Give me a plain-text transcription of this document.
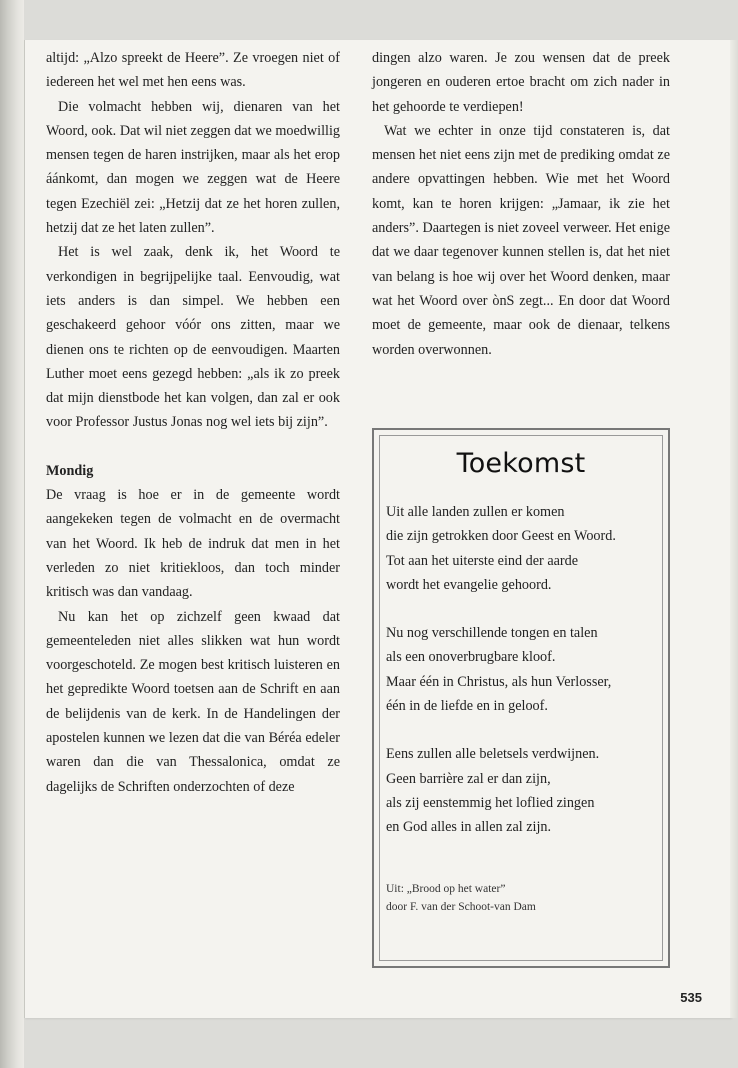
altijd: „Alzo spreekt de Heere”. Ze vroegen niet of iedereen het wel met hen eens was.

Die volmacht hebben wij, dienaren van het Woord, ook. Dat wil niet zeggen dat we moedwillig mensen tegen de haren instrijken, maar als het erop áánkomt, dan mogen we zeggen wat de Heere tegen Ezechiël zei: „Hetzij dat ze het horen zullen, hetzij dat ze het laten zullen”.

Het is wel zaak, denk ik, het Woord te verkondigen in begrijpelijke taal. Eenvoudig, wat iets anders is dan simpel. We hebben een geschakeerd gehoor vóór ons zitten, maar we dienen ons te richten op de eenvoudigen. Maarten Luther moet eens gezegd hebben: „als ik zo preek dat mijn dienstbode het kan volgen, dan zal er ook voor Professor Justus Jonas nog wel iets bij zijn”.

Mondig

De vraag is hoe er in de gemeente wordt aangekeken tegen de volmacht en de overmacht van het Woord. Ik heb de indruk dat men in het verleden zo niet kritiekloos, dan toch minder kritisch was dan vandaag.

Nu kan het op zichzelf geen kwaad dat gemeenteleden niet alles slikken wat hun wordt voorgeschoteld. Ze mogen best kritisch luisteren en het gepredikte Woord toetsen aan de Schrift en aan de belijdenis van de kerk. In de Handelingen der apostelen kunnen we lezen dat die van Béréa edeler waren dan die van Thessalonica, omdat ze dagelijks de Schriften onderzochten of deze

dingen alzo waren. Je zou wensen dat de preek jongeren en ouderen ertoe bracht om zich nader in het gehoorde te verdiepen!

Wat we echter in onze tijd constateren is, dat mensen het niet eens zijn met de prediking omdat ze andere opvattingen hebben. Wie met het Woord komt, kan te horen krijgen: „Jamaar, ik zie het anders”. Daartegen is niet zoveel verweer. Het enige dat we daar tegenover kunnen stellen is, dat het niet van belang is hoe wij over het Woord denken, maar wat het Woord over ònS zegt... En door dat Woord moet de gemeente, maar ook de dienaar, telkens worden overwonnen.

Toekomst
Uit alle landen zullen er komen
die zijn getrokken door Geest en Woord.
Tot aan het uiterste eind der aarde
wordt het evangelie gehoord.
Nu nog verschillende tongen en talen
als een onoverbrugbare kloof.
Maar één in Christus, als hun Verlosser,
één in de liefde en in geloof.
Eens zullen alle beletsels verdwijnen.
Geen barrière zal er dan zijn,
als zij eenstemmig het loflied zingen
en God alles in allen zal zijn.
Uit: „Brood op het water”
door F. van der Schoot-van Dam
535
